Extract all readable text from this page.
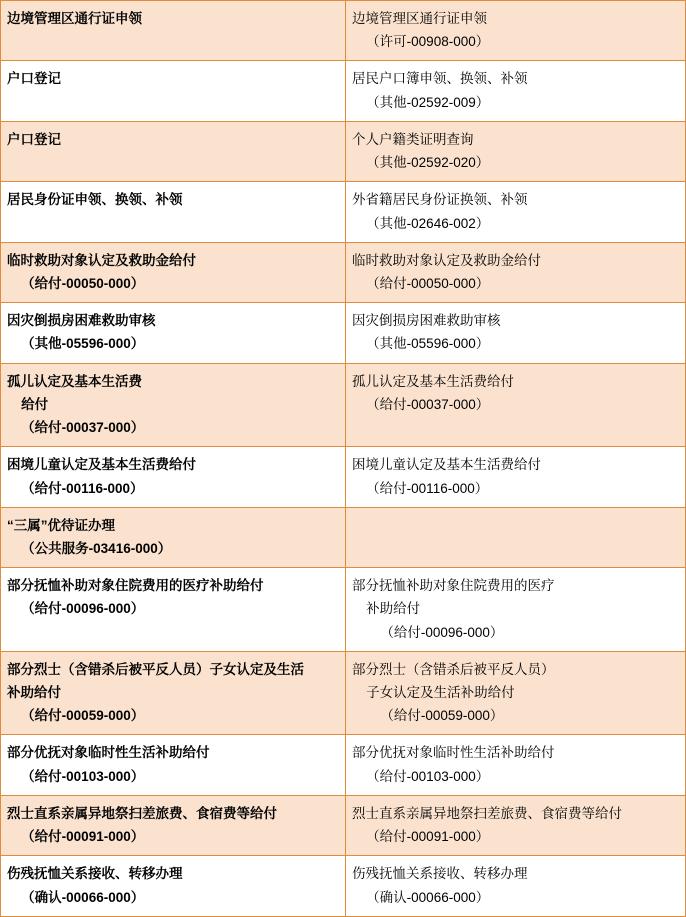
边境管理区通行证申领	边境管理区通行证申领
（许可-00908-000）

户口登记	居民户口簿申领、换领、补领
（其他-02592-009）

户口登记	个人户籍类证明查询
（其他-02592-020）

居民身份证申领、换领、补领	外省籍居民身份证换领、补领
（其他-02646-002）

临时救助对象认定及救助金给付
（给付-00050-000）	临时救助对象认定及救助金给付
（给付-00050-000）

因灾倒损房困难救助审核
（其他-05596-000）	因灾倒损房困难救助审核
（其他-05596-000）

孤儿认定及基本生活费
给付
（给付-00037-000）	孤儿认定及基本生活费给付
（给付-00037-000）

困境儿童认定及基本生活费给付
（给付-00116-000）	困境儿童认定及基本生活费给付
（给付-00116-000）

“三属”优待证办理
（公共服务-03416-000）	

部分抚恤补助对象住院费用的医疗补助给付
（给付-00096-000）	部分抚恤补助对象住院费用的医疗
补助给付
（给付-00096-000）

部分烈士（含错杀后被平反人员）子女认定及生活
补助给付
（给付-00059-000）	部分烈士（含错杀后被平反人员）
子女认定及生活补助给付
（给付-00059-000）

部分优抚对象临时性生活补助给付
（给付-00103-000）	部分优抚对象临时性生活补助给付
（给付-00103-000）

烈士直系亲属异地祭扫差旅费、食宿费等给付
（给付-00091-000）	烈士直系亲属异地祭扫差旅费、食宿费等给付
（给付-00091-000）

伤残抚恤关系接收、转移办理
（确认-00066-000）	伤残抚恤关系接收、转移办理
（确认-00066-000）
